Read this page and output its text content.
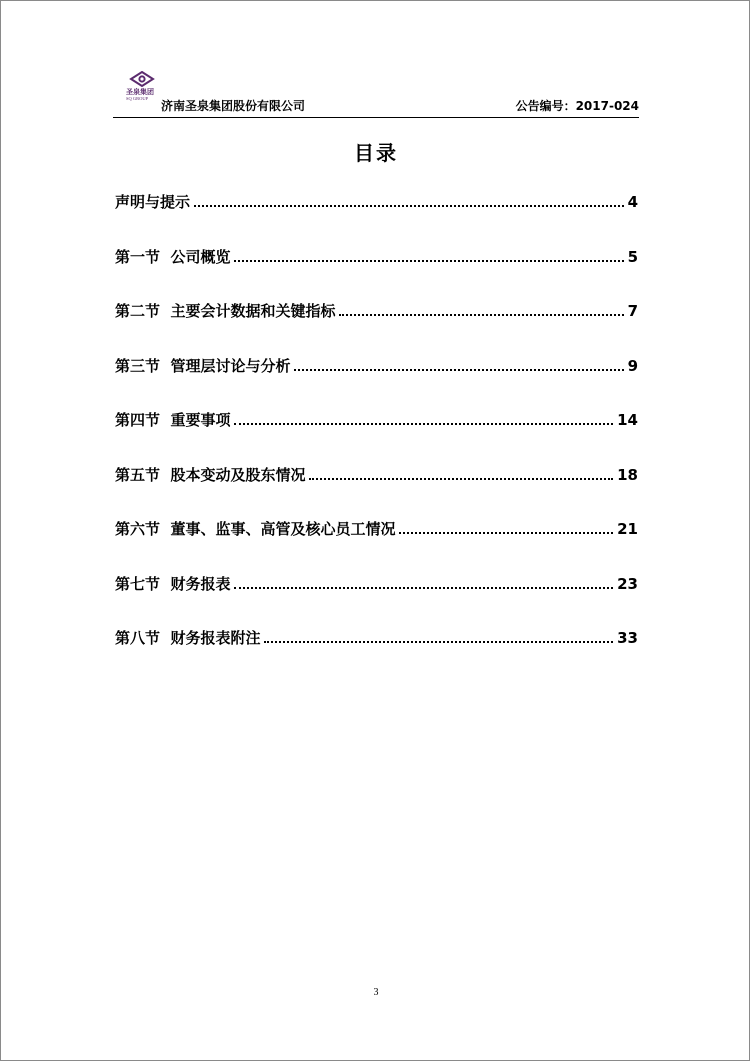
圣泉集团
SQ GROUP
济南圣泉集团股份有限公司	公告编号：2017-024
目录
声明与提示	4
第一节  公司概览	5
第二节  主要会计数据和关键指标	7
第三节  管理层讨论与分析	9
第四节  重要事项	14
第五节  股本变动及股东情况	18
第六节  董事、监事、高管及核心员工情况	21
第七节  财务报表	23
第八节  财务报表附注	33
3
